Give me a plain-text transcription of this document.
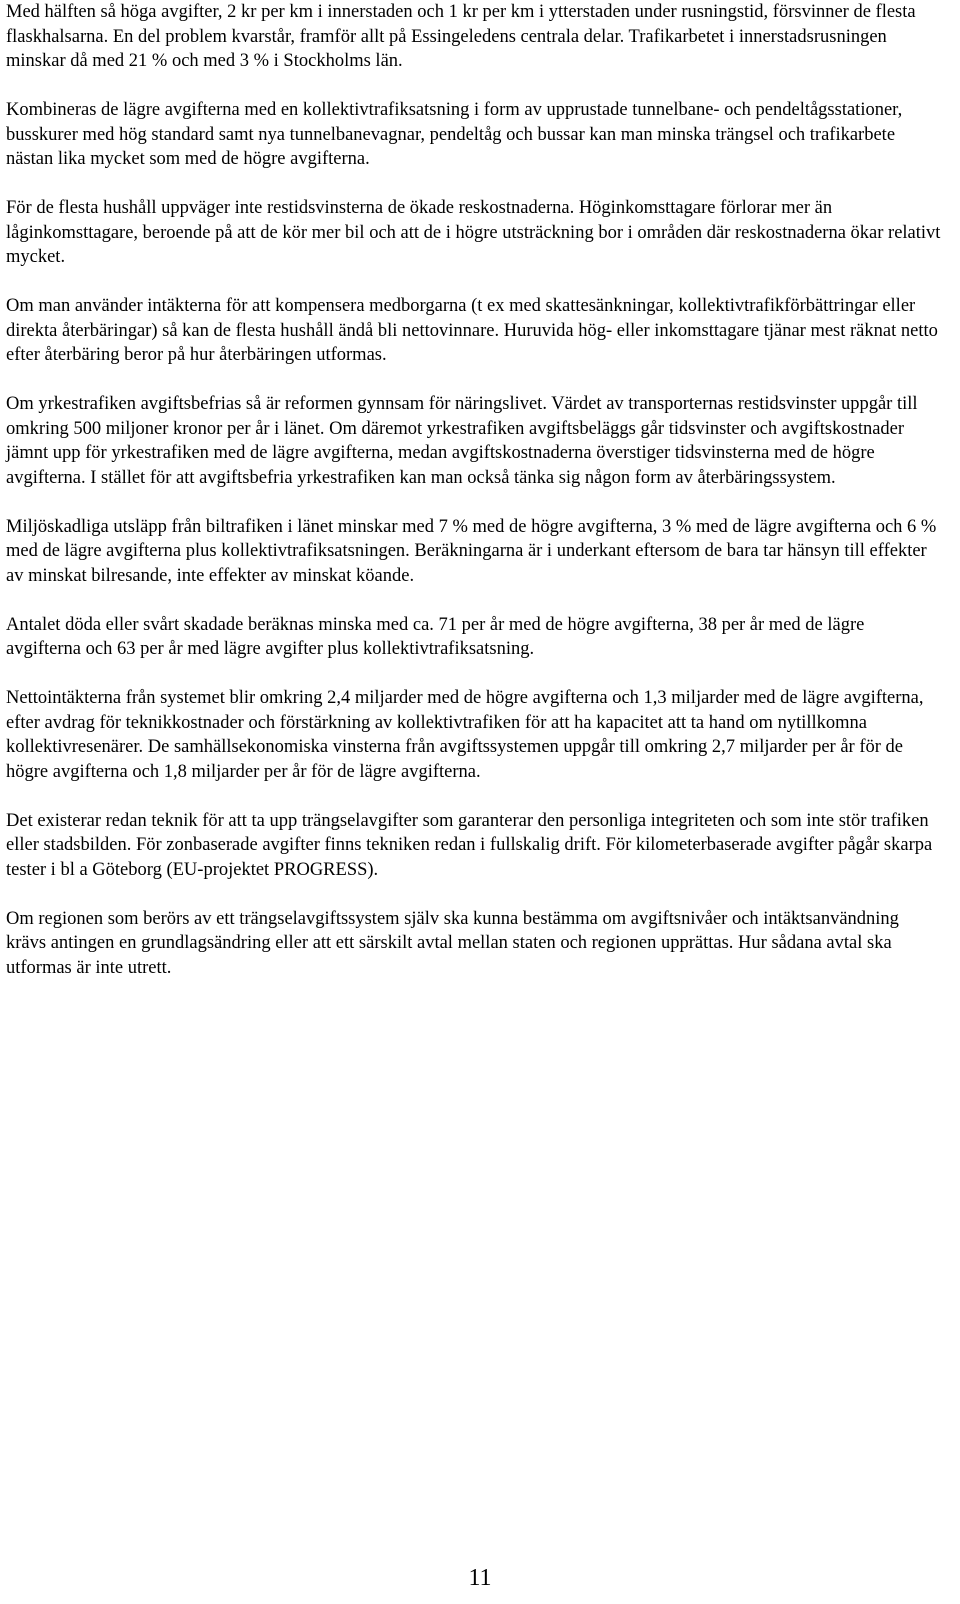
Med hälften så höga avgifter, 2 kr per km i innerstaden och 1 kr per km i ytterstaden under rusningstid, försvinner de flesta flaskhalsarna. En del problem kvarstår, framför allt på Essingeledens centrala delar. Trafikarbetet i innerstadsrusningen minskar då med 21 % och med 3 % i Stockholms län.

Kombineras de lägre avgifterna med en kollektivtrafiksatsning i form av upprustade tunnelbane- och pendeltågsstationer, busskurer med hög standard samt nya tunnelbanevagnar, pendeltåg och bussar kan man minska trängsel och trafikarbete nästan lika mycket som med de högre avgifterna.

För de flesta hushåll uppväger inte restidsvinsterna de ökade reskostnaderna. Höginkomsttagare förlorar mer än låginkomsttagare, beroende på att de kör mer bil och att de i högre utsträckning bor i områden där reskostnaderna ökar relativt mycket.

Om man använder intäkterna för att kompensera medborgarna (t ex med skattesänkningar, kollektivtrafikförbättringar eller direkta återbäringar) så kan de flesta hushåll ändå bli nettovinnare. Huruvida hög- eller inkomsttagare tjänar mest räknat netto efter återbäring beror på hur återbäringen utformas.

Om yrkestrafiken avgiftsbefrias så är reformen gynnsam för näringslivet. Värdet av transporternas restidsvinster uppgår till omkring 500 miljoner kronor per år i länet. Om däremot yrkestrafiken avgiftsbeläggs går tidsvinster och avgiftskostnader jämnt upp för yrkestrafiken med de lägre avgifterna, medan avgiftskostnaderna överstiger tidsvinsterna med de högre avgifterna. I stället för att avgiftsbefria yrkestrafiken kan man också tänka sig någon form av återbäringssystem.

Miljöskadliga utsläpp från biltrafiken i länet minskar med 7 % med de högre avgifterna, 3 % med de lägre avgifterna och 6 % med de lägre avgifterna plus kollektivtrafiksatsningen. Beräkningarna är i underkant eftersom de bara tar hänsyn till effekter av minskat bilresande, inte effekter av minskat köande.

Antalet döda eller svårt skadade beräknas minska med ca. 71 per år med de högre avgifterna, 38 per år med de lägre avgifterna och 63 per år med lägre avgifter plus kollektivtrafiksatsning.

Nettointäkterna från systemet blir omkring 2,4 miljarder med de högre avgifterna och 1,3 miljarder med de lägre avgifterna, efter avdrag för teknikkostnader och förstärkning av kollektivtrafiken för att ha kapacitet att ta hand om nytillkomna kollektivresenärer. De samhällsekonomiska vinsterna från avgiftssystemen uppgår till omkring 2,7 miljarder per år för de högre avgifterna och 1,8 miljarder per år för de lägre avgifterna.

Det existerar redan teknik för att ta upp trängselavgifter som garanterar den personliga integriteten och som inte stör trafiken eller stadsbilden. För zonbaserade avgifter finns tekniken redan i fullskalig drift. För kilometerbaserade avgifter pågår skarpa tester i bl a Göteborg (EU-projektet PROGRESS).

Om regionen som berörs av ett trängselavgiftssystem själv ska kunna bestämma om avgiftsnivåer och intäktsanvändning krävs antingen en grundlagsändring eller att ett särskilt avtal mellan staten och regionen upprättas. Hur sådana avtal ska utformas är inte utrett.

11
